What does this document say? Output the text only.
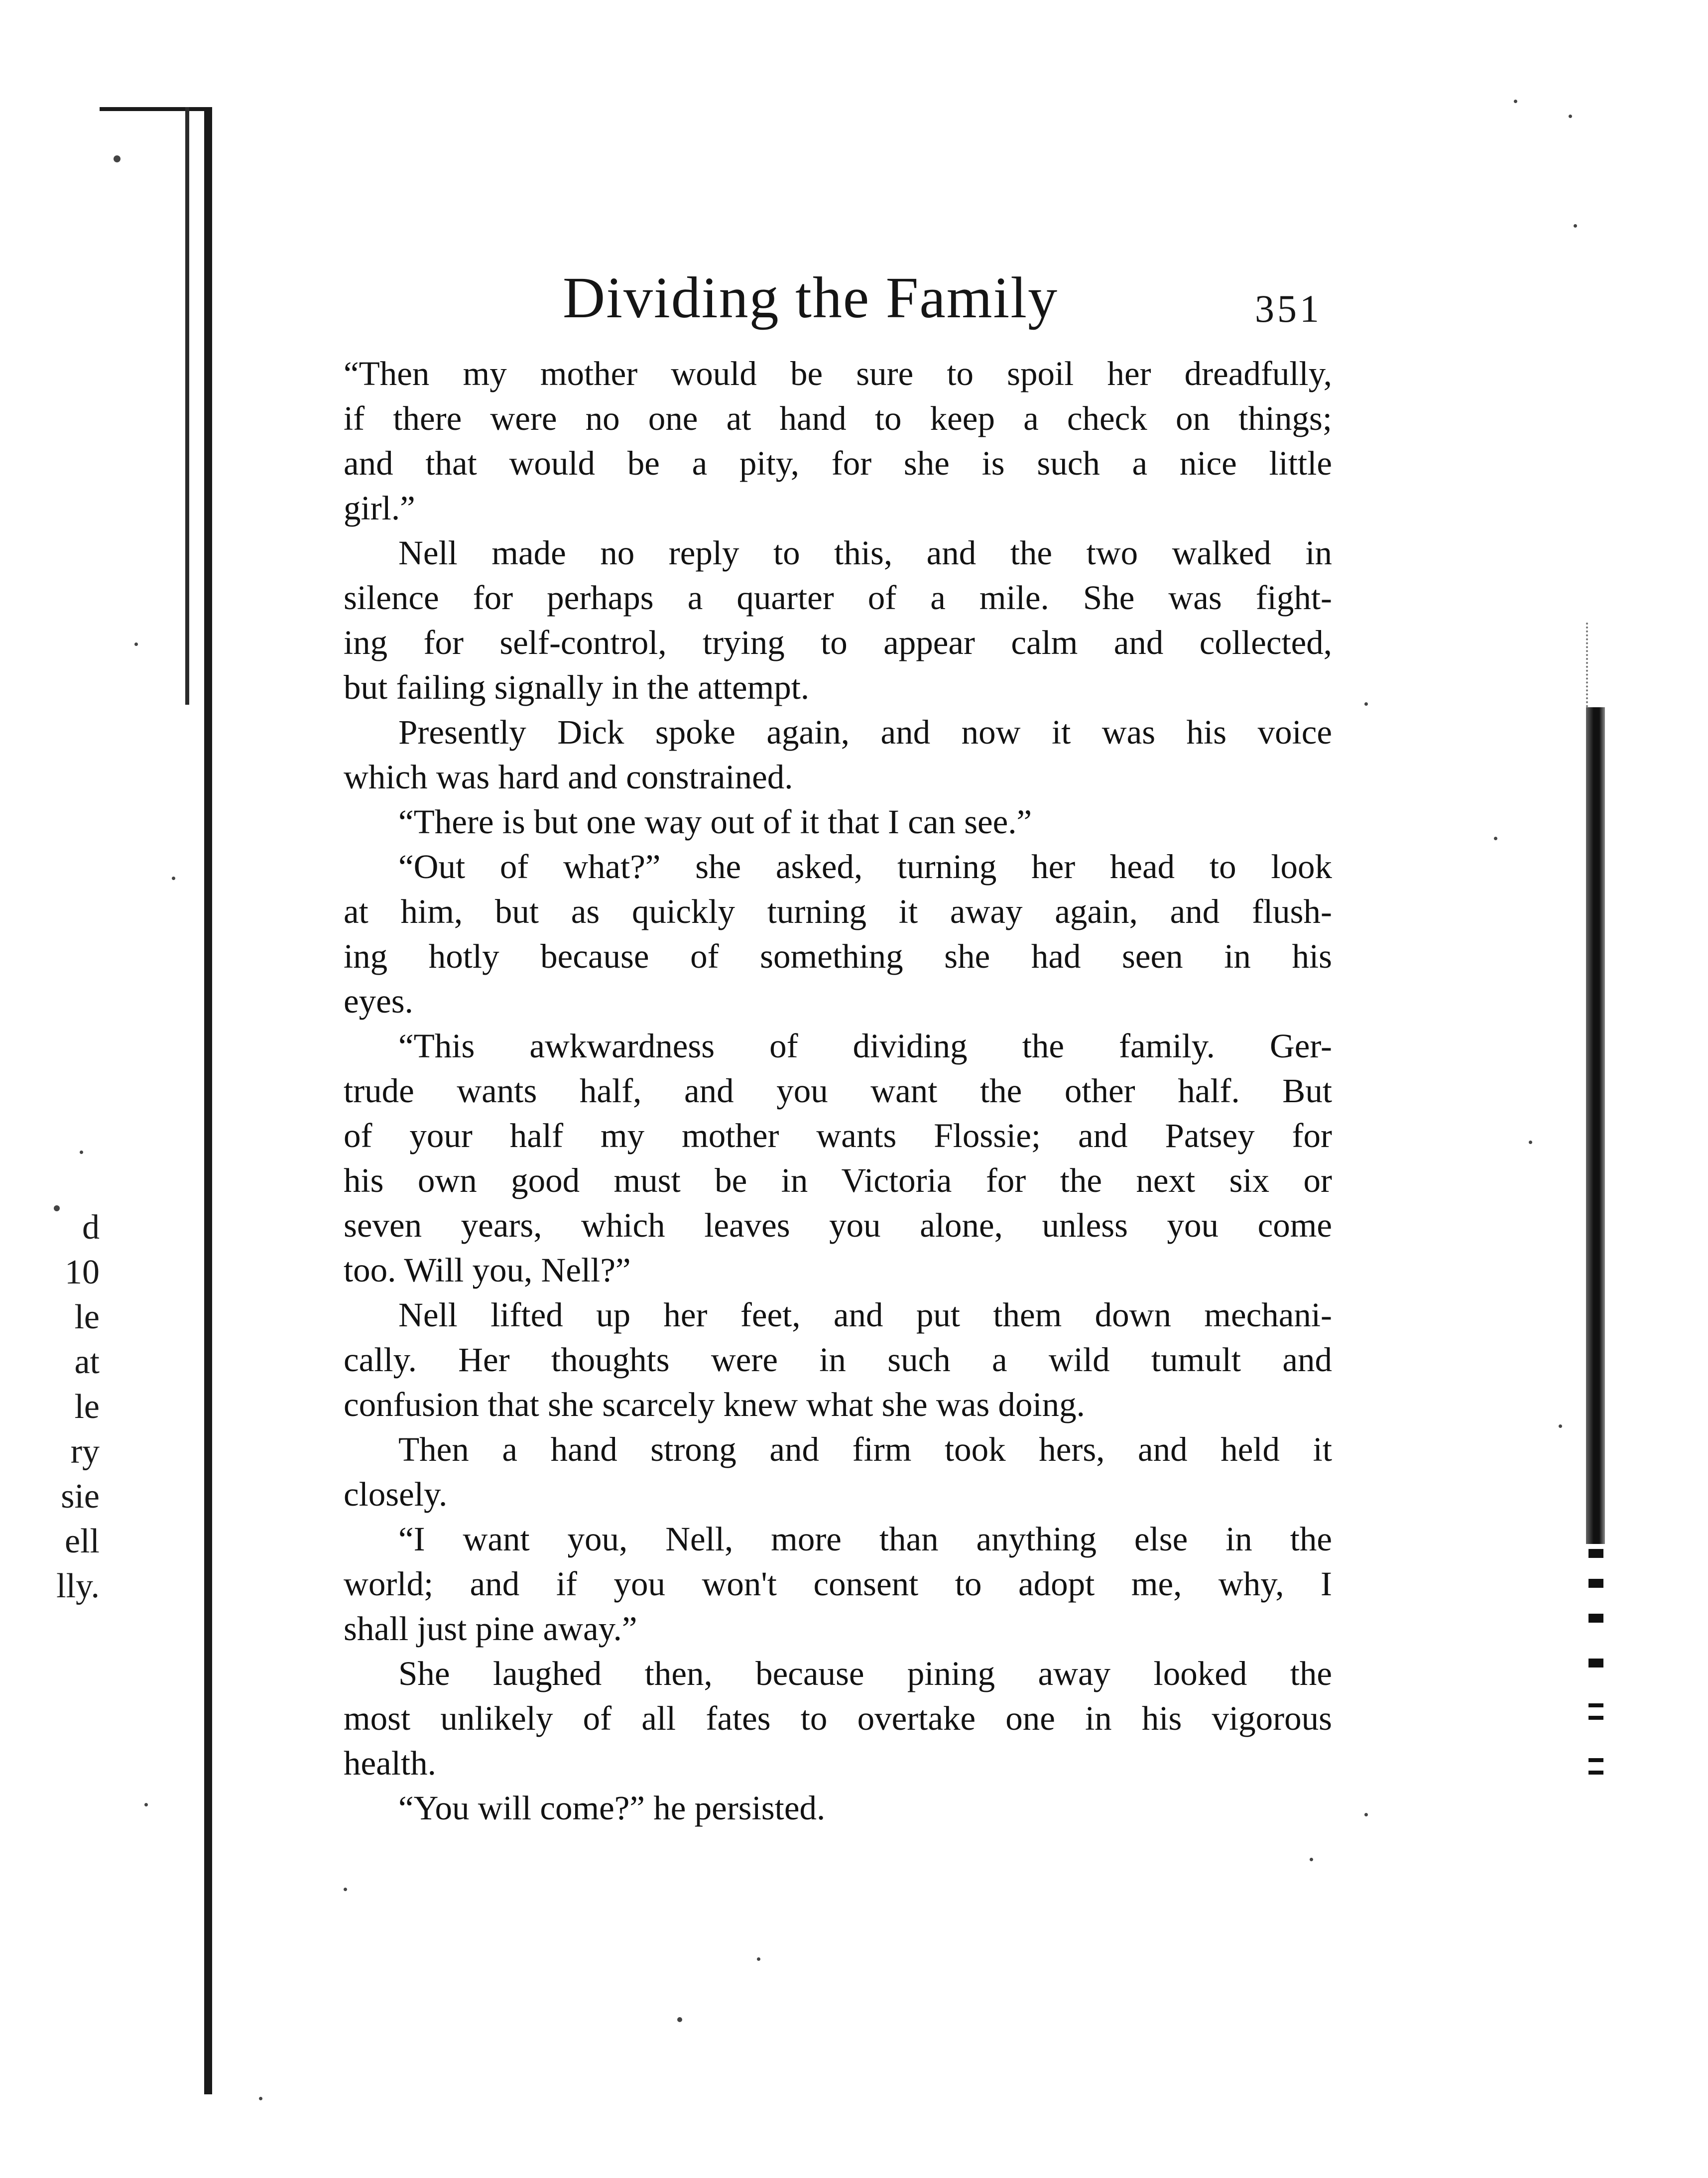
d
10
le
at
le
ry
sie
ell
lly.
Dividing the Family	351
“Then my mother would be sure to spoil her dreadfully,
if there were no one at hand to keep a check on things;
and that would be a pity, for she is such a nice little
girl.”
Nell made no reply to this, and the two walked in
silence for perhaps a quarter of a mile. She was fight-
ing for self-control, trying to appear calm and collected,
but failing signally in the attempt.
Presently Dick spoke again, and now it was his voice
which was hard and constrained.
“There is but one way out of it that I can see.”
“Out of what?” she asked, turning her head to look
at him, but as quickly turning it away again, and flush-
ing hotly because of something she had seen in his
eyes.
“This awkwardness of dividing the family. Ger-
trude wants half, and you want the other half. But
of your half my mother wants Flossie; and Patsey for
his own good must be in Victoria for the next six or
seven years, which leaves you alone, unless you come
too. Will you, Nell?”
Nell lifted up her feet, and put them down mechani-
cally. Her thoughts were in such a wild tumult and
confusion that she scarcely knew what she was doing.
Then a hand strong and firm took hers, and held it
closely.
“I want you, Nell, more than anything else in the
world; and if you won't consent to adopt me, why, I
shall just pine away.”
She laughed then, because pining away looked the
most unlikely of all fates to overtake one in his vigorous
health.
“You will come?” he persisted.
